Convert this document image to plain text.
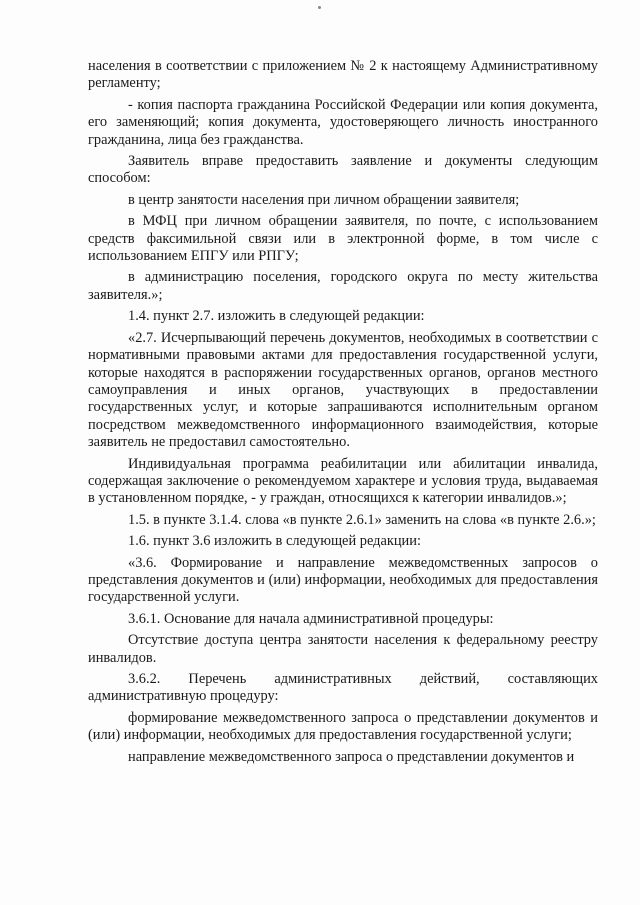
населения в соответствии с приложением № 2 к настоящему Административному регламенту;

- копия паспорта гражданина Российской Федерации или копия документа, его заменяющий; копия документа, удостоверяющего личность иностранного гражданина, лица без гражданства.

Заявитель вправе предоставить заявление и документы следующим способом:

в центр занятости населения при личном обращении заявителя;

в МФЦ при личном обращении заявителя, по почте, с использованием средств факсимильной связи или в электронной форме, в том числе с использованием ЕПГУ или РПГУ;

в администрацию поселения, городского округа по месту жительства заявителя.»;

1.4. пункт 2.7. изложить в следующей редакции:

«2.7. Исчерпывающий перечень документов, необходимых в соответствии с нормативными правовыми актами для предоставления государственной услуги, которые находятся в распоряжении государственных органов, органов местного самоуправления и иных органов, участвующих в предоставлении государственных услуг, и которые запрашиваются исполнительным органом посредством межведомственного информационного взаимодействия, которые заявитель не предоставил самостоятельно.

Индивидуальная программа реабилитации или абилитации инвалида, содержащая заключение о рекомендуемом характере и условия труда, выдаваемая в установленном порядке, - у граждан, относящихся к категории инвалидов.»;

1.5. в пункте 3.1.4. слова «в пункте 2.6.1» заменить на слова «в пункте 2.6.»;

1.6. пункт 3.6 изложить в следующей редакции:

«3.6. Формирование и направление межведомственных запросов о представления документов и (или) информации, необходимых для предоставления государственной услуги.

3.6.1. Основание для начала административной процедуры:

Отсутствие доступа центра занятости населения к федеральному реестру инвалидов.

3.6.2. Перечень административных действий, составляющих административную процедуру:

формирование межведомственного запроса о представлении документов и (или) информации, необходимых для предоставления государственной услуги;

направление межведомственного запроса о представлении документов и
